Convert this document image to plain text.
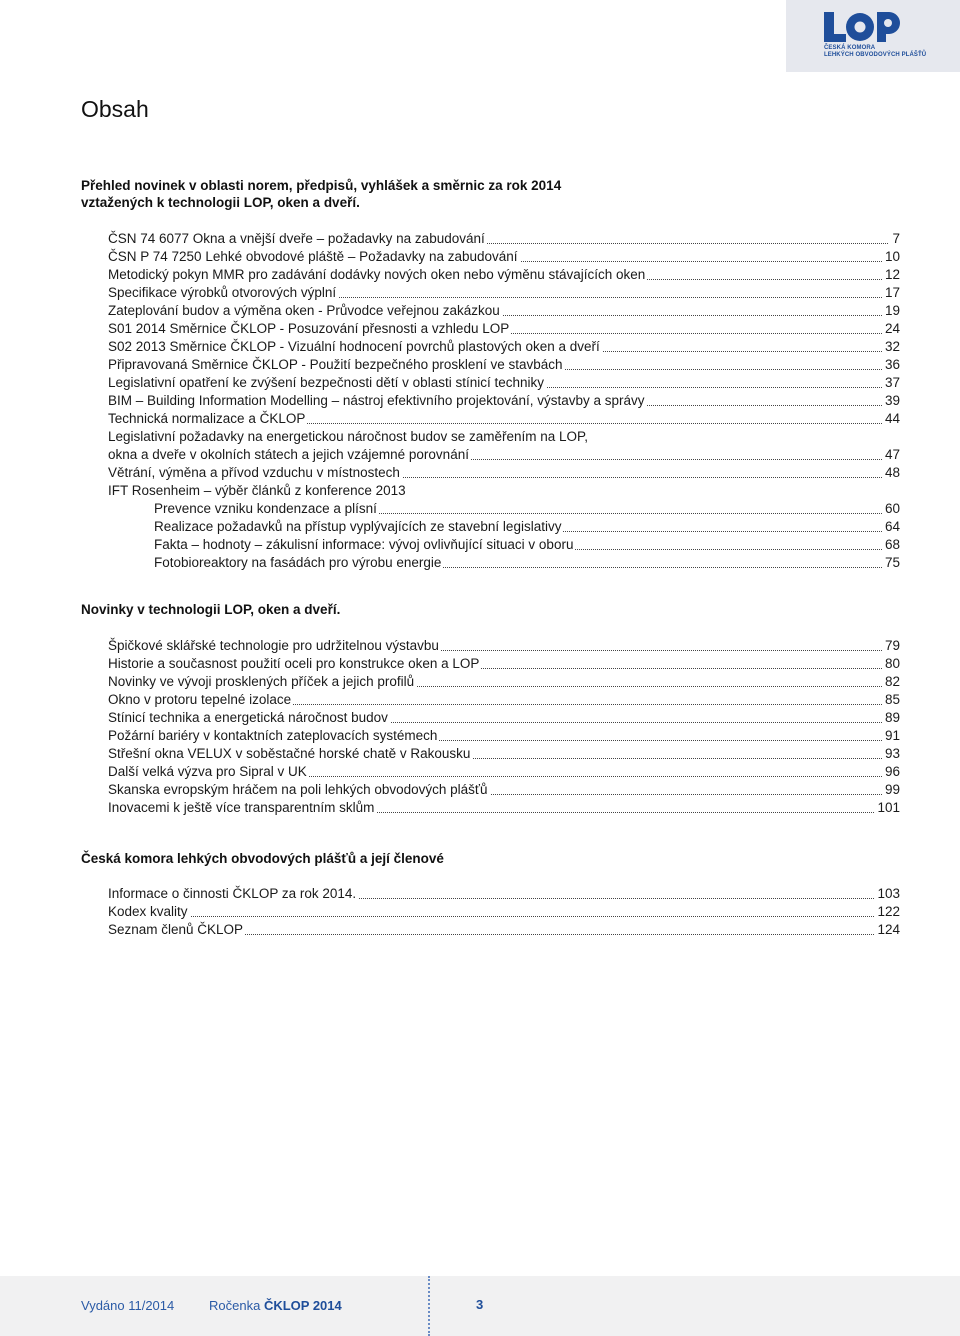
ČESKÁ KOMORA
LEHKÝCH OBVODOVÝCH PLÁŠŤŮ
Obsah
Přehled novinek v oblasti norem, předpisů, vyhlášek a směrnic za rok 2014
vztažených k technologii LOP, oken a dveří.
ČSN 74 6077 Okna a vnější dveře – požadavky na zabudování	7
ČSN P 74 7250 Lehké obvodové pláště – Požadavky na zabudování	10
Metodický pokyn MMR pro zadávání dodávky nových oken nebo výměnu stávajících oken	12
Specifikace výrobků otvorových výplní	17
Zateplování budov a výměna oken - Průvodce veřejnou zakázkou	19
S01 2014 Směrnice ČKLOP - Posuzování přesnosti a vzhledu LOP	24
S02 2013 Směrnice ČKLOP - Vizuální hodnocení povrchů plastových oken a dveří	32
Připravovaná Směrnice ČKLOP - Použití bezpečného prosklení ve stavbách	36
Legislativní opatření ke zvýšení bezpečnosti dětí v oblasti stínicí techniky	37
BIM – Building Information Modelling – nástroj efektivního projektování, výstavby a správy	39
Technická normalizace a ČKLOP	44
Legislativní požadavky na energetickou náročnost budov se zaměřením na LOP,
okna a dveře v okolních státech a jejich vzájemné porovnání	47
Větrání, výměna a přívod vzduchu v místnostech	48
IFT Rosenheim – výběr článků z konference 2013
Prevence vzniku kondenzace a plísní	60
Realizace požadavků na přístup vyplývajících ze stavební legislativy	64
Fakta – hodnoty – zákulisní informace: vývoj ovlivňující situaci v oboru	68
Fotobioreaktory na fasádách pro výrobu energie	75
Novinky v technologii LOP, oken a dveří.
Špičkové sklářské technologie pro udržitelnou výstavbu	79
Historie a současnost použití oceli pro konstrukce oken a LOP	80
Novinky ve vývoji prosklených příček a jejich profilů	82
Okno v protoru tepelné izolace	85
Stínicí technika a energetická náročnost budov	89
Požární bariéry v kontaktních zateplovacích systémech	91
Střešní okna VELUX v soběstačné horské chatě v Rakousku	93
Další velká výzva pro Sipral v UK	96
Skanska evropským hráčem na poli lehkých obvodových plášťů	99
Inovacemi k ještě více transparentním sklům	101
Česká komora lehkých obvodových plášťů a její členové
Informace o činnosti ČKLOP za rok 2014.	103
Kodex kvality	122
Seznam členů ČKLOP	124
Vydáno 11/2014	Ročenka ČKLOP 2014	3
